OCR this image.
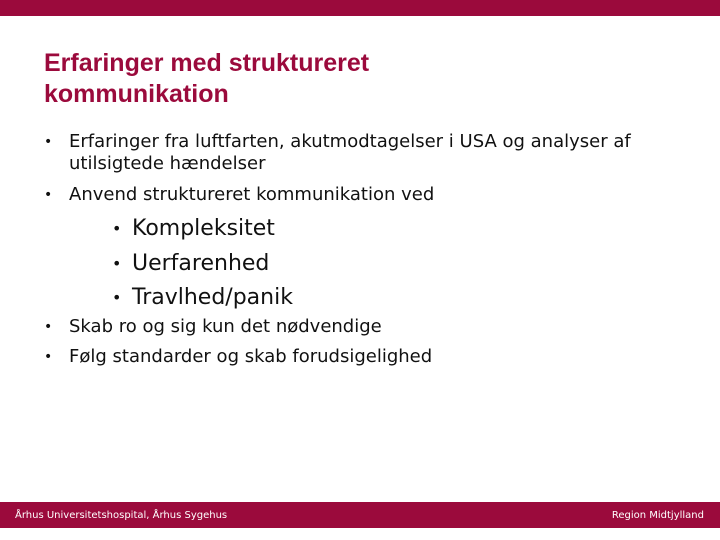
Erfaringer med struktureret
kommunikation
• Erfaringer fra luftfarten, akutmodtagelser i USA og analyser af utilsigtede hændelser
• Anvend struktureret kommunikation ved
• Kompleksitet
• Uerfarenhed
• Travlhed/panik
• Skab ro og sig kun det nødvendige
• Følg standarder og skab forudsigelighed
Århus Universitetshospital, Århus Sygehus	Region Midtjylland
